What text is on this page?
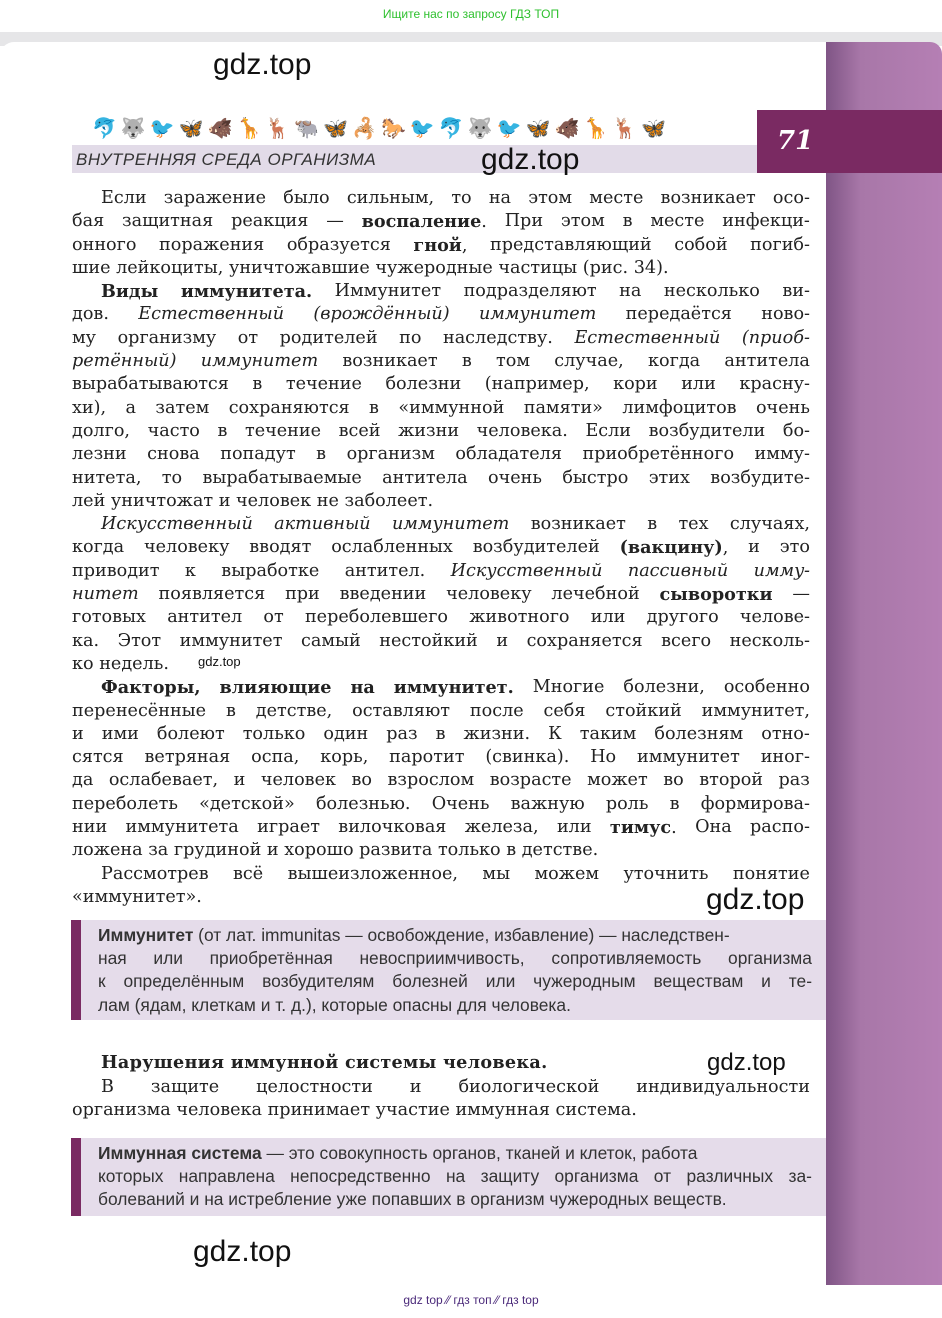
Ищите нас по запросу ГДЗ ТОП
gdz.top
🐬🐺🐦🦋🐗🦒🦌🐃🦋🦂🐎🐦🐬🐺🐦🦋🐗🦒🦌🦋
ВНУТРЕННЯЯ СРЕДА ОРГАНИЗМА	gdz.top
71
Если заражение было сильным, то на этом месте возникает осо-
бая защитная реакция — воспаление. При этом в месте инфекци-
онного поражения образуется гной, представляющий собой погиб-
шие
лейкоциты,
уничтожавшие
чужеродные
частицы
(рис.
34).
Виды иммунитета. Иммунитет подразделяют на несколько ви-
дов. Естественный (врождённый) иммунитет передаётся ново-
му организму от родителей по наследству. Естественный (приоб-
ретённый) иммунитет возникает в том случае, когда антитела
вырабатываются в течение болезни (например, кори или красну-
хи), а затем сохраняются в «иммунной памяти» лимфоцитов очень
долго, часто в течение всей жизни человека. Если возбудители бо-
лезни снова попадут в организм обладателя приобретённого имму-
нитета, то вырабатываемые антитела очень быстро этих возбудите-
лей
уничтожат
и
человек
не
заболеет.
Искусственный активный иммунитет возникает в тех случаях,
когда человеку вводят ослабленных возбудителей (вакцину), и это
приводит к выработке антител. Искусственный пассивный иммy-
нитет появляется при введении человеку лечебной сыворотки —
готовых антител от переболевшего животного или другого челове-
ка. Этот иммунитет самый нестойкий и сохраняется всего несколь-
ко
недель.
Факторы, влияющие на иммунитет. Многие болезни, особенно
перенесённые в детстве, оставляют после себя стойкий иммунитет,
и ими болеют только один раз в жизни. К таким болезням отно-
сятся ветряная оспа, корь, паротит (свинка). Но иммунитет иног-
да ослабевает, и человек во взрослом возрасте может во второй раз
переболеть «детской» болезнью. Очень важную роль в формирова-
нии иммунитета играет вилочковая железа, или тимус. Она распо-
ложена
за
грудиной
и
хорошо
развита
только
в
детстве.
Рассмотрев всё вышеизложенное, мы можем уточнить понятие
«иммунитет».
gdz.top
gdz.top
Иммунитет (от лат. immunitas — освобождение, избавление) — наследствен-
ная или приобретённая невосприимчивость, сопротивляемость организма
к определённым возбудителям болезней или чужеродным веществам и те-
лам (ядам, клеткам и т. д.), которые опасны для человека.
Нарушения иммунной системы человека.	gdz.top
В защите целостности и биологической индивидуальности
организма человека принимает участие иммунная система.
Иммунная система — это совокупность органов, тканей и клеток, работа
которых направлена непосредственно на защиту организма от различных за-
болеваний и на истребление уже попавших в организм чужеродных веществ.
gdz.top
gdz top ⁄⁄ гдз топ ⁄⁄ гдз top
